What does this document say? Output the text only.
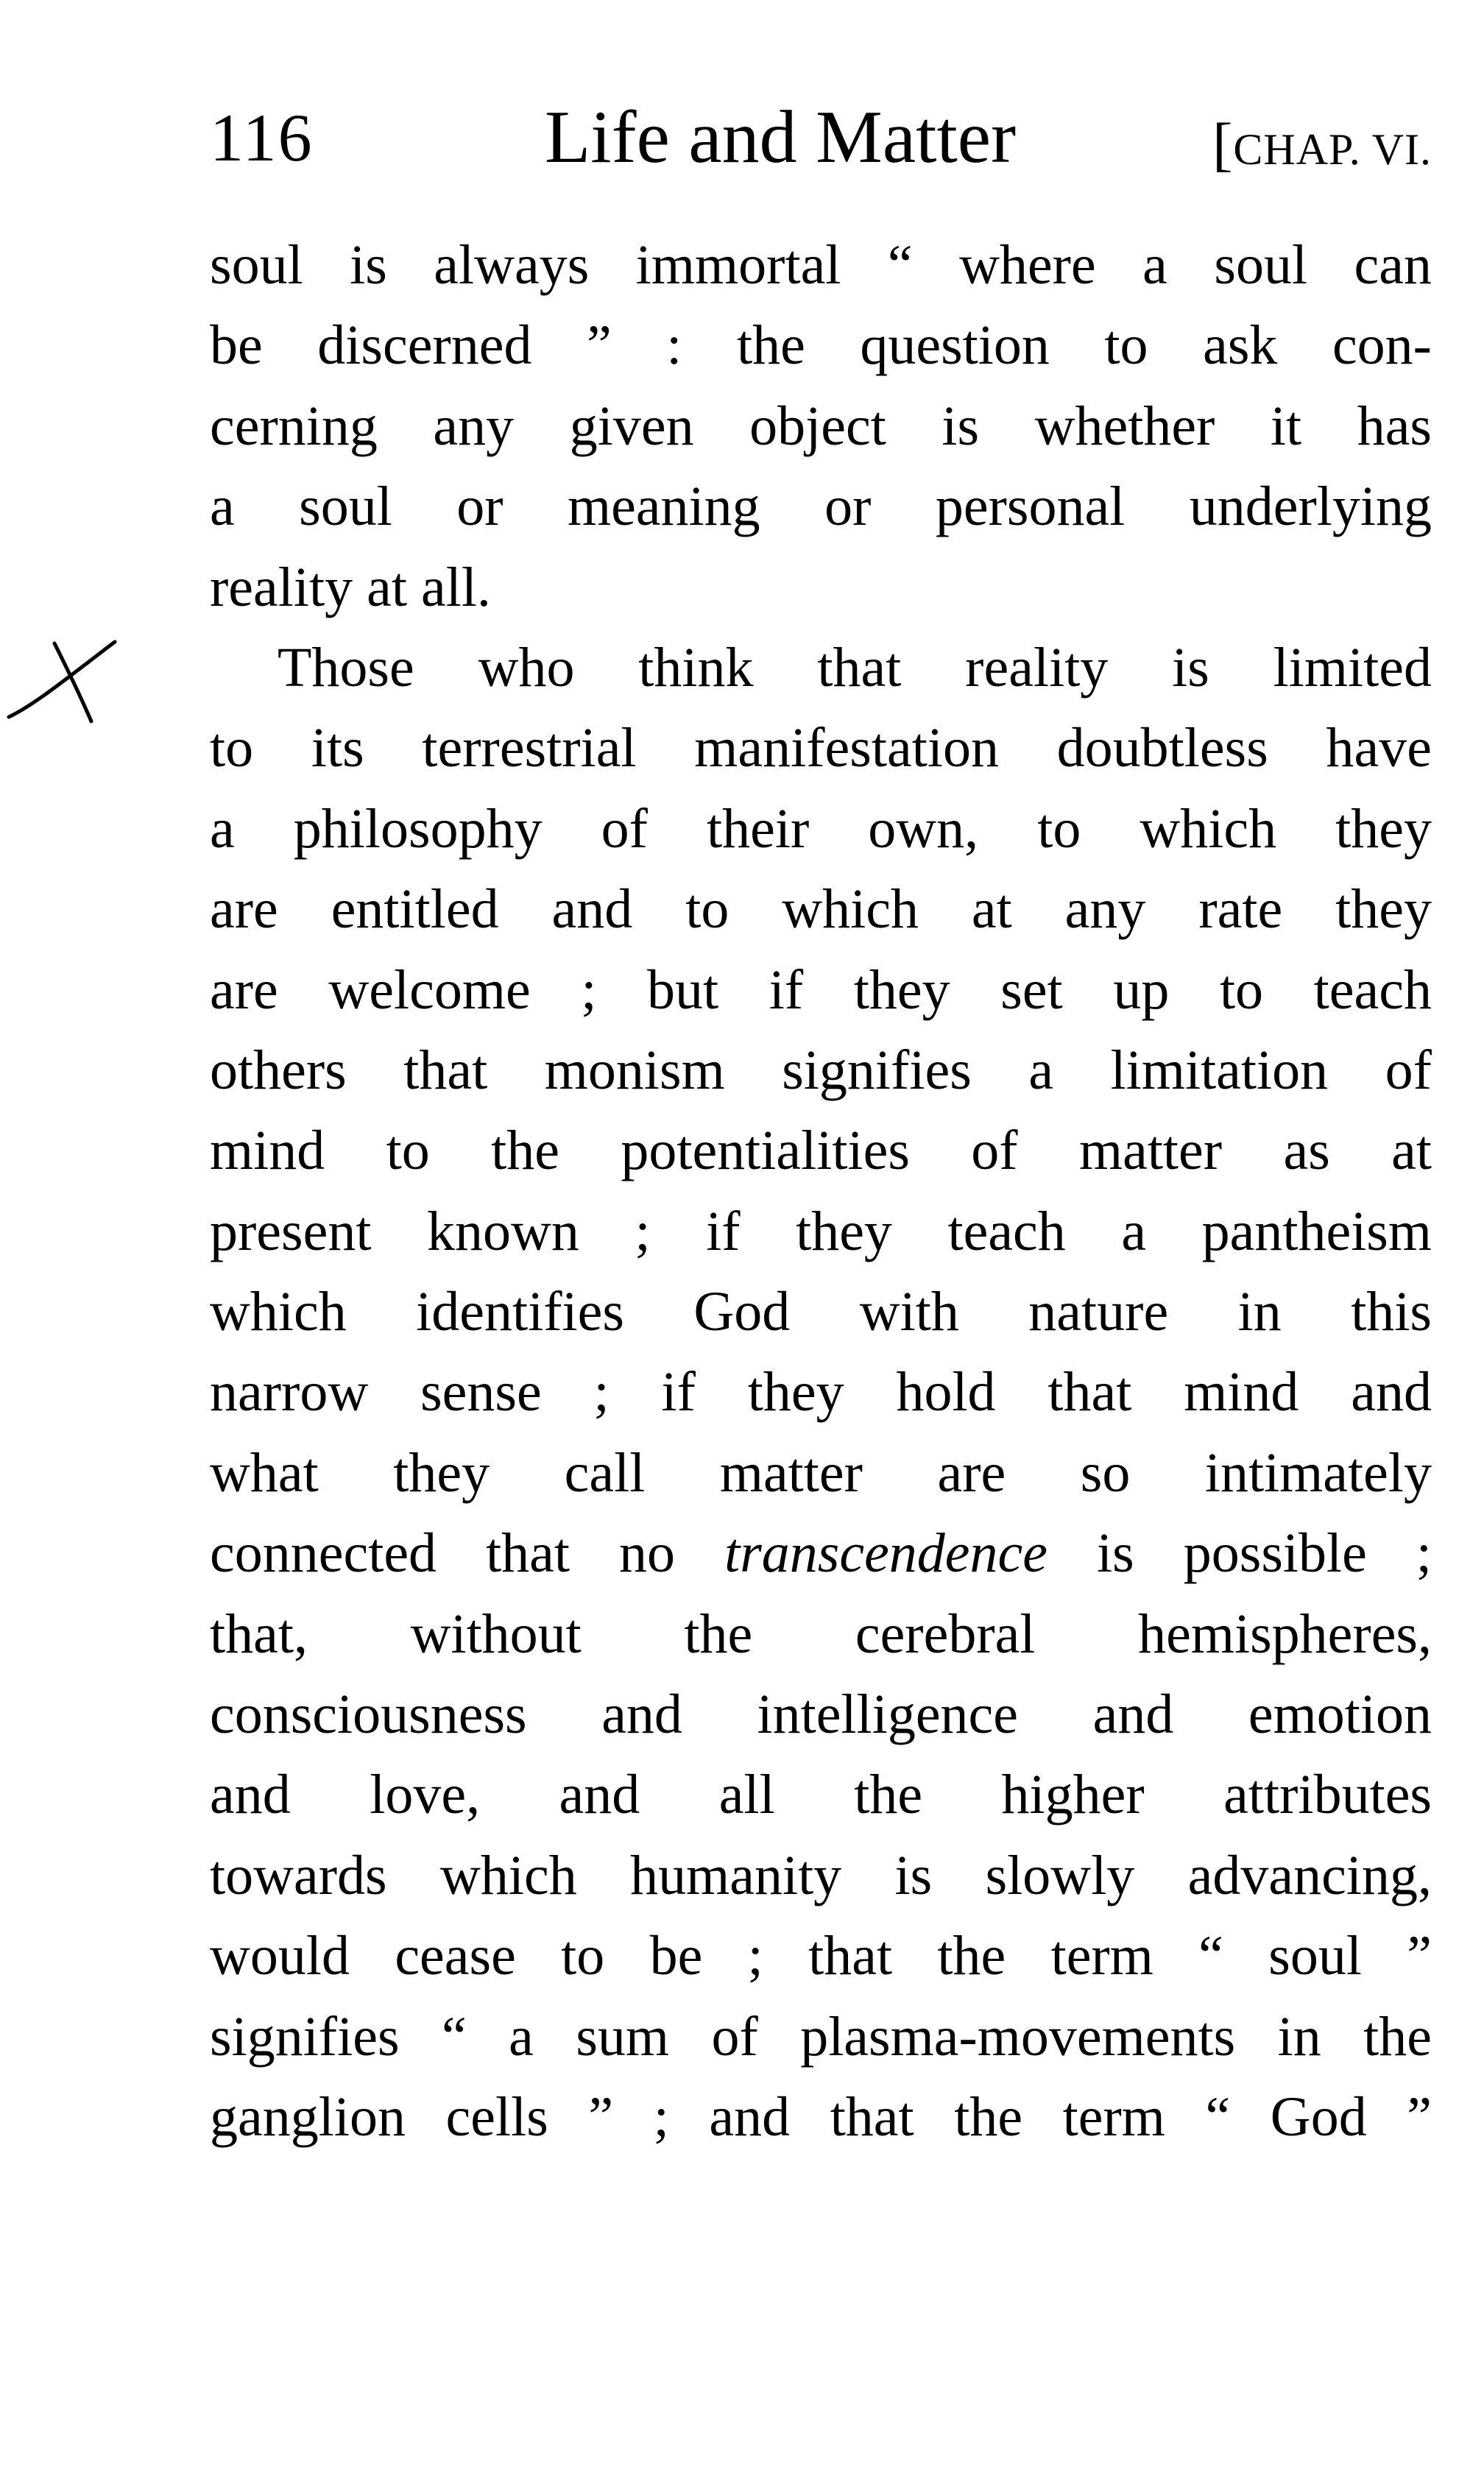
116	Life and Matter	[CHAP. VI.
soul is always immortal “ where a soul can
be discerned ” : the question to ask con-
cerning any given object is whether it has
a soul or meaning or personal underlying
reality at all.
Those who think that reality is limited
to its terrestrial manifestation doubtless have
a philosophy of their own, to which they
are entitled and to which at any rate they
are welcome ; but if they set up to teach
others that monism signifies a limitation of
mind to the potentialities of matter as at
present known ; if they teach a pantheism
which identifies God with nature in this
narrow sense ; if they hold that mind and
what they call matter are so intimately
connected that no transcendence is possible ;
that, without the cerebral hemispheres,
consciousness and intelligence and emotion
and love, and all the higher attributes
towards which humanity is slowly advancing,
would cease to be ; that the term “ soul ”
signifies “ a sum of plasma-movements in the
ganglion cells ” ; and that the term “ God ”
